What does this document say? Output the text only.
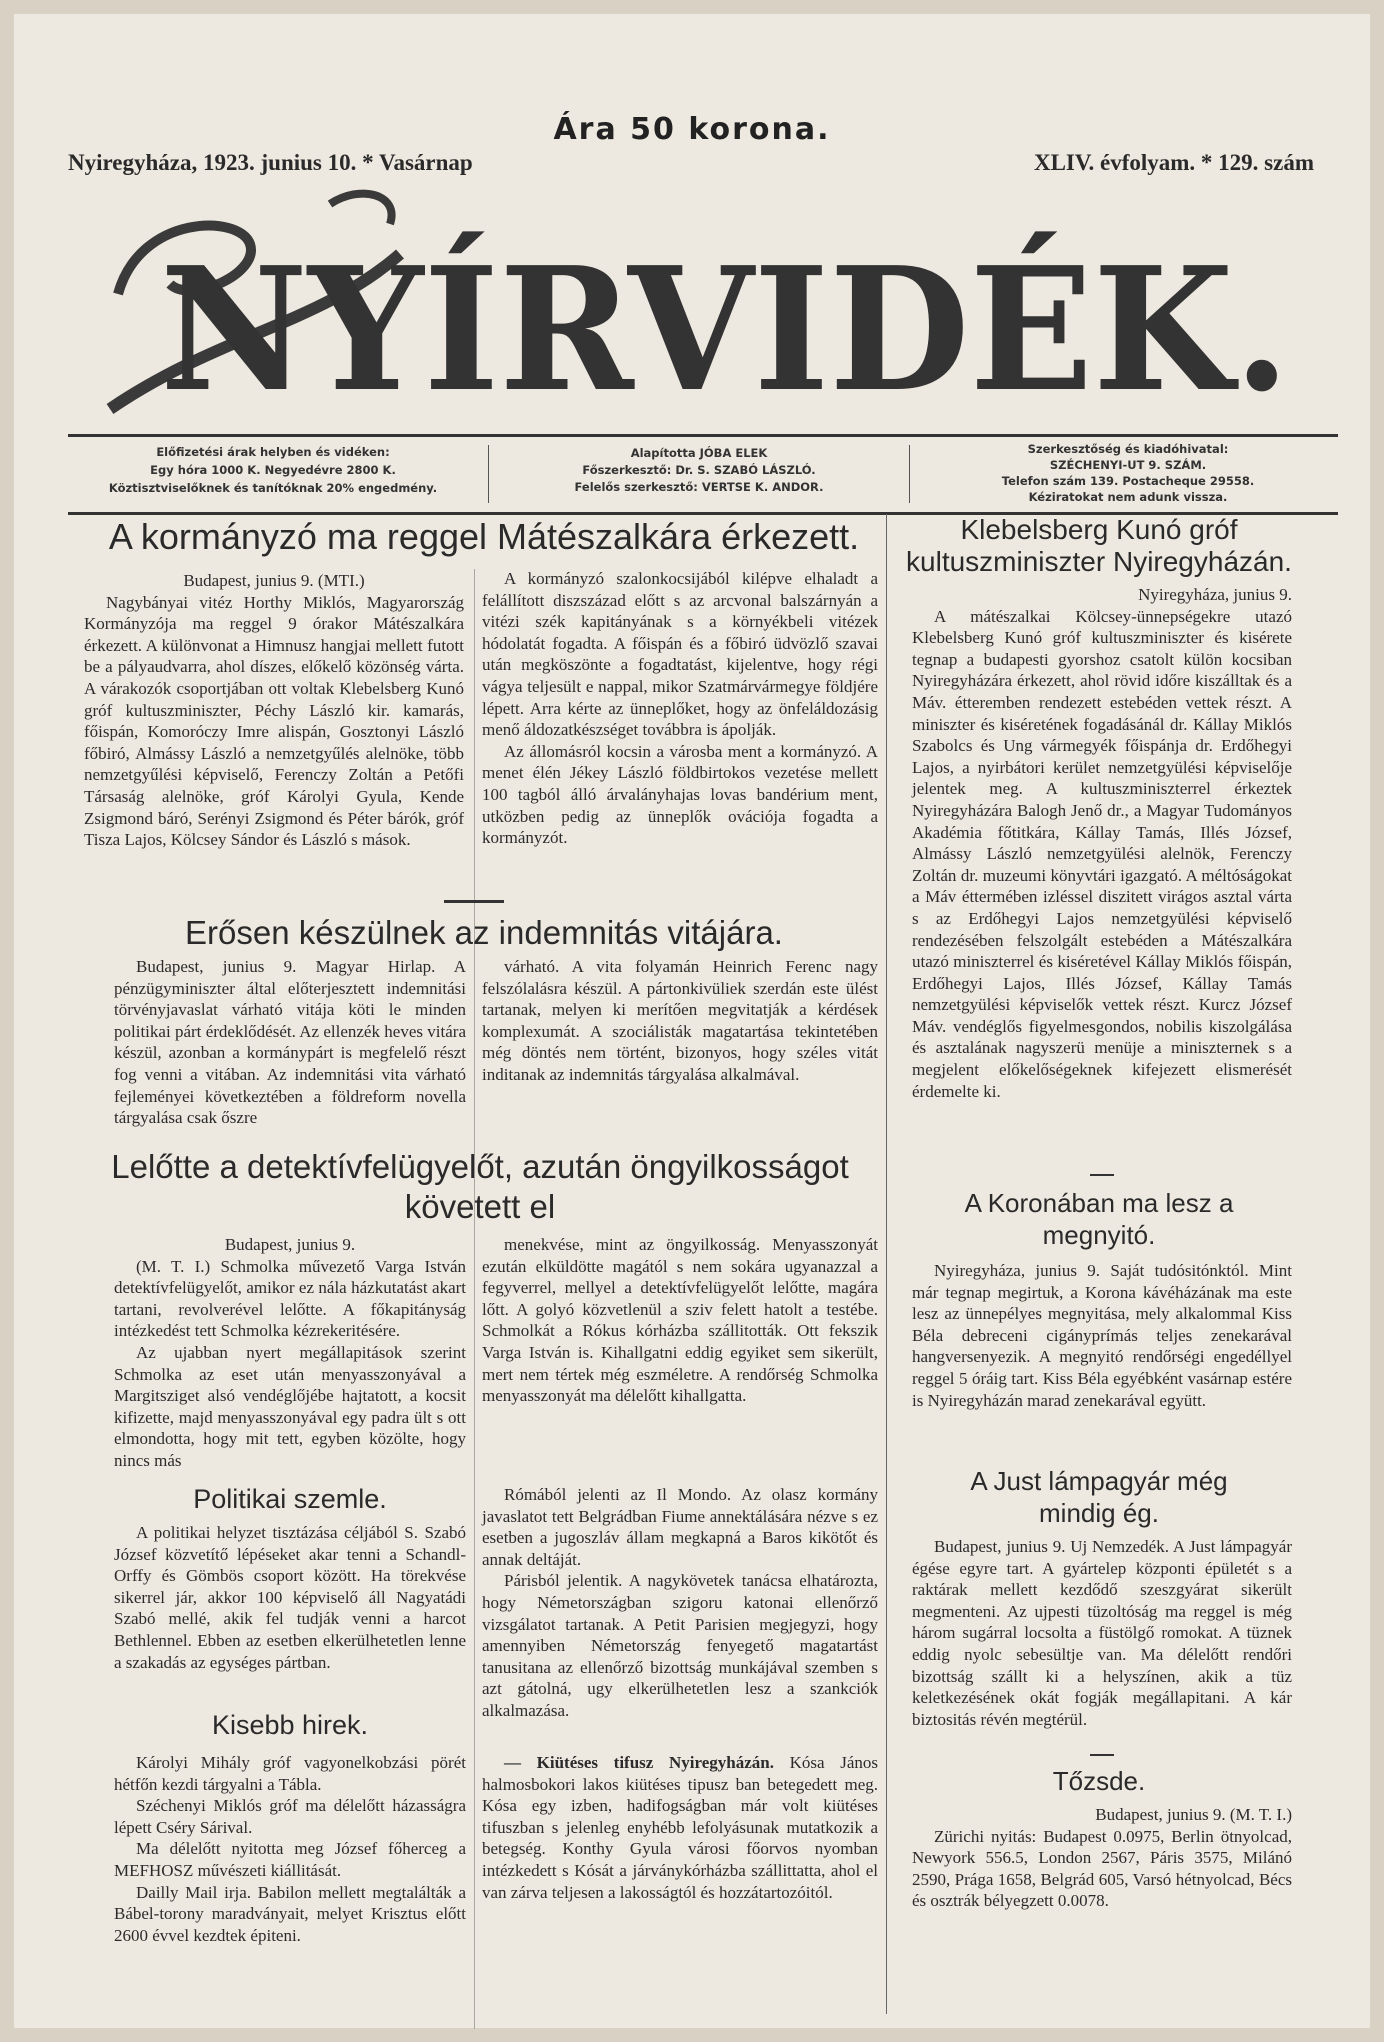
Ára 50 korona.
Nyiregyháza, 1923. junius 10. * Vasárnap	XLIV. évfolyam. * 129. szám
NYÍRVIDÉK.
Előfizetési árak helyben és vidéken:
Egy hóra 1000 K. Negyedévre 2800 K.
Köztisztviselőknek és tanítóknak 20% engedmény.
Alapította JÓBA ELEK
Főszerkesztő: Dr. S. SZABÓ LÁSZLÓ.
Felelős szerkesztő: VERTSE K. ANDOR.
Szerkesztőség és kiadóhivatal:
SZÉCHENYI-UT 9. SZÁM.
Telefon szám 139. Postacheque 29558.
Kéziratokat nem adunk vissza.
A kormányzó ma reggel Mátészalkára érkezett.

Budapest, junius 9. (MTI.)

Nagybányai vitéz Horthy Miklós, Magyarország Kormányzója ma reggel 9 órakor Mátészalkára érkezett. A különvonat a Himnusz hangjai mellett futott be a pályaudvarra, ahol díszes, előkelő közönség várta. A várakozók csoportjában ott voltak Klebelsberg Kunó gróf kultuszminiszter, Péchy László kir. kamarás, főispán, Komoróczy Imre alispán, Gosztonyi László főbiró, Almássy László a nemzetgyűlés alelnöke, több nemzetgyűlési képviselő, Ferenczy Zoltán a Petőfi Társaság alelnöke, gróf Károlyi Gyula, Kende Zsigmond báró, Serényi Zsigmond és Péter bárók, gróf Tisza Lajos, Kölcsey Sándor és László s mások.

A kormányzó szalonkocsijából kilépve elhaladt a felállított diszszázad előtt s az arcvonal balszárnyán a vitézi szék kapitányának s a környékbeli vitézek hódolatát fogadta. A főispán és a főbiró üdvözlő szavai után megköszönte a fogadtatást, kijelentve, hogy régi vágya teljesült e nappal, mikor Szatmárvármegye földjére lépett. Arra kérte az ünneplőket, hogy az önfeláldozásig menő áldozatkészséget továbbra is ápolják.

Az állomásról kocsin a városba ment a kormányzó. A menet élén Jékey László földbirtokos vezetése mellett 100 tagból álló árvalányhajas lovas bandérium ment, utközben pedig az ünneplők ovációja fogadta a kormányzót.

Erősen készülnek az indemnitás vitájára.

Budapest, junius 9. Magyar Hirlap. A pénzügyminiszter által előterjesztett indemnitási törvényjavaslat várható vitája köti le minden politikai párt érdeklődését. Az ellenzék heves vitára készül, azonban a kormánypárt is megfelelő részt fog venni a vitában. Az indemnitási vita várható fejleményei következtében a földreform novella tárgyalása csak őszre

várható. A vita folyamán Heinrich Ferenc nagy felszólalásra készül. A pártonkivüliek szerdán este ülést tartanak, melyen ki merítően megvitatják a kérdések komplexumát. A szociálisták magatartása tekintetében még döntés nem történt, bizonyos, hogy széles vitát inditanak az indemnitás tárgyalása alkalmával.

Lelőtte a detektívfelügyelőt, azután öngyilkosságot
követett el

Budapest, junius 9.

(M. T. I.) Schmolka művezető Varga István detektívfelügyelőt, amikor ez nála házkutatást akart tartani, revolverével lelőtte. A főkapitányság intézkedést tett Schmolka kézrekeritésére.

Az ujabban nyert megállapitások szerint Schmolka az eset után menyasszonyával a Margitsziget alsó vendéglőjébe hajtatott, a kocsit kifizette, majd menyasszonyával egy padra ült s ott elmondotta, hogy mit tett, egyben közölte, hogy nincs más

menekvése, mint az öngyilkosság. Menyasszonyát ezután elküldötte magától s nem sokára ugyanazzal a fegyverrel, mellyel a detektívfelügyelőt lelőtte, magára lőtt. A golyó közvetlenül a sziv felett hatolt a testébe. Schmolkát a Rókus kórházba szállitották. Ott fekszik Varga István is. Kihallgatni eddig egyiket sem sikerült, mert nem tértek még eszméletre. A rendőrség Schmolka menyasszonyát ma délelőtt kihallgatta.

Politikai szemle.

A politikai helyzet tisztázása céljából S. Szabó József közvetítő lépéseket akar tenni a Schandl-Orffy és Gömbös csoport között. Ha törekvése sikerrel jár, akkor 100 képviselő áll Nagyatádi Szabó mellé, akik fel tudják venni a harcot Bethlennel. Ebben az esetben elkerülhetetlen lenne a szakadás az egységes pártban.

Kisebb hirek.

Károlyi Mihály gróf vagyonelkobzási pörét hétfőn kezdi tárgyalni a Tábla.

Széchenyi Miklós gróf ma délelőtt házasságra lépett Cséry Sárival.

Ma délelőtt nyitotta meg József főherceg a MEFHOSZ művészeti kiállitását.

Dailly Mail irja. Babilon mellett megtalálták a Bábel-torony maradványait, melyet Krisztus előtt 2600 évvel kezdtek épiteni.

Rómából jelenti az Il Mondo. Az olasz kormány javaslatot tett Belgrádban Fiume annektálására nézve s ez esetben a jugoszláv állam megkapná a Baros kikötőt és annak deltáját.

Párisból jelentik. A nagykövetek tanácsa elhatározta, hogy Németországban szigoru katonai ellenőrző vizsgálatot tartanak. A Petit Parisien megjegyzi, hogy amennyiben Németország fenyegető magatartást tanusitana az ellenőrző bizottság munkájával szemben s azt gátolná, ugy elkerülhetetlen lesz a szankciók alkalmazása.

— Kiütéses tifusz Nyiregyházán. Kósa János halmosbokori lakos kiütéses tipusz ban betegedett meg. Kósa egy izben, hadifogságban már volt kiütéses tifuszban s jelenleg enyhébb lefolyásunak mutatkozik a betegség. Konthy Gyula városi főorvos nyomban intézkedett s Kósát a járványkórházba szállittatta, ahol el van zárva teljesen a lakosságtól és hozzátartozóitól.

Klebelsberg Kunó gróf kultuszminiszter Nyiregyházán.

Nyiregyháza, junius 9.

A mátészalkai Kölcsey-ünnepségekre utazó Klebelsberg Kunó gróf kultuszminiszter és kisérete tegnap a budapesti gyorshoz csatolt külön kocsiban Nyiregyházára érkezett, ahol rövid időre kiszálltak és a Máv. étteremben rendezett estebéden vettek részt. A miniszter és kiséretének fogadásánál dr. Kállay Miklós Szabolcs és Ung vármegyék főispánja dr. Erdőhegyi Lajos, a nyirbátori kerület nemzetgyülési képviselője jelentek meg. A kultuszminiszterrel érkeztek Nyiregyházára Balogh Jenő dr., a Magyar Tudományos Akadémia főtitkára, Kállay Tamás, Illés József, Almássy László nemzetgyülési alelnök, Ferenczy Zoltán dr. muzeumi könyvtári igazgató. A méltóságokat a Máv éttermében izléssel diszitett virágos asztal várta s az Erdőhegyi Lajos nemzetgyülési képviselő rendezésében felszolgált estebéden a Mátészalkára utazó miniszterrel és kiséretével Kállay Miklós főispán, Erdőhegyi Lajos, Illés József, Kállay Tamás nemzetgyülési képviselők vettek részt. Kurcz József Máv. vendéglős figyelmesgondos, nobilis kiszolgálása és asztalának nagyszerü menüje a miniszternek s a megjelent előkelőségeknek kifejezett elismerését érdemelte ki.

A Koronában ma lesz a
megnyitó.

Nyiregyháza, junius 9. Saját tudósitónktól. Mint már tegnap megirtuk, a Korona kávéházának ma este lesz az ünnepélyes megnyitása, mely alkalommal Kiss Béla debreceni cigányprímás teljes zenekarával hangversenyezik. A megnyitó rendőrségi engedéllyel reggel 5 óráig tart. Kiss Béla egyébként vasárnap estére is Nyiregyházán marad zenekarával együtt.

A Just lámpagyár még
mindig ég.

Budapest, junius 9. Uj Nemzedék. A Just lámpagyár égése egyre tart. A gyártelep központi épületét s a raktárak mellett kezdődő szeszgyárat sikerült megmenteni. Az ujpesti tüzoltóság ma reggel is még három sugárral locsolta a füstölgő romokat. A tüznek eddig nyolc sebesültje van. Ma délelőtt rendőri bizottság szállt ki a helyszínen, akik a tüz keletkezésének okát fogják megállapitani. A kár biztositás révén megtérül.

Tőzsde.

Budapest, junius 9. (M. T. I.)

Zürichi nyitás: Budapest 0.0975, Berlin ötnyolcad, Newyork 556.5, London 2567, Páris 3575, Milánó 2590, Prága 1658, Belgrád 605, Varsó hétnyolcad, Bécs és osztrák bélyegzett 0.0078.
